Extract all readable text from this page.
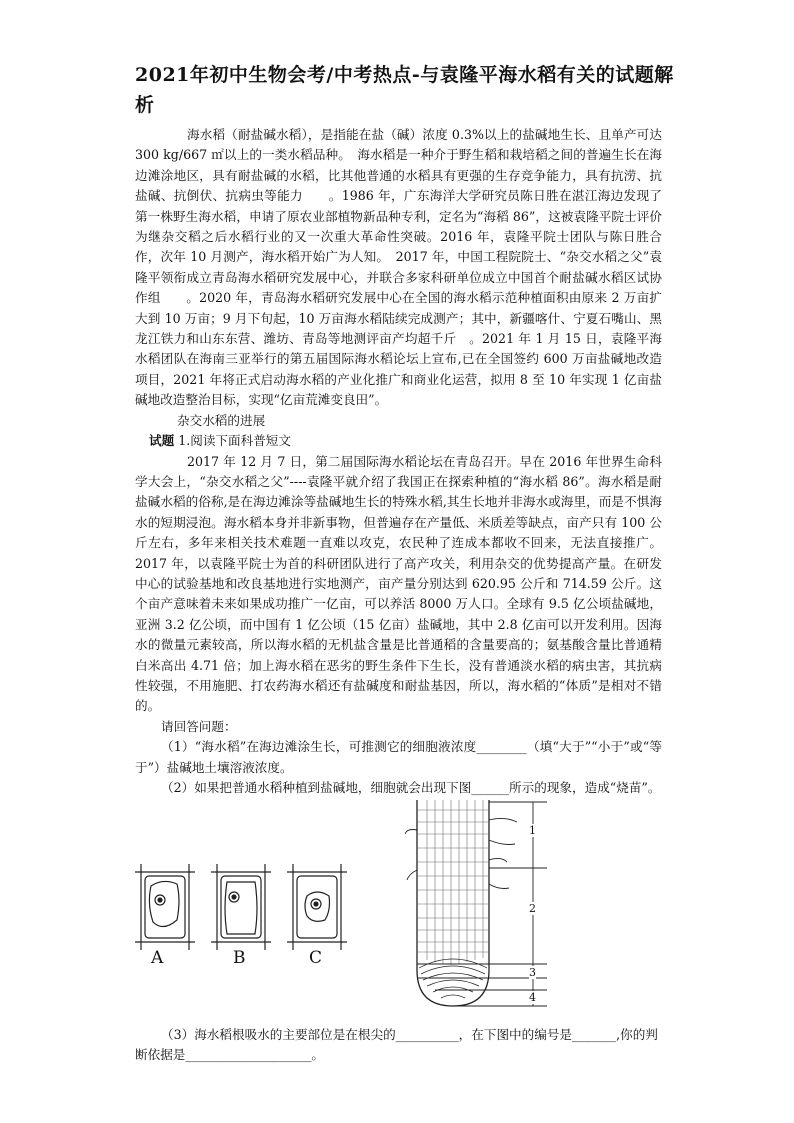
2021年初中生物会考/中考热点-与袁隆平海水稻有关的试题解析

海水稻（耐盐碱水稻），是指能在盐（碱）浓度 0.3%以上的盐碱地生长、且单产可达 300 kg/667 ㎡以上的一类水稻品种。　海水稻是一种介于野生稻和栽培稻之间的普遍生长在海边滩涂地区，具有耐盐碱的水稻，比其他普通的水稻具有更强的生存竞争能力，具有抗涝、抗盐碱、抗倒伏、抗病虫等能力　　。1986 年，广东海洋大学研究员陈日胜在湛江海边发现了第一株野生海水稻，申请了原农业部植物新品种专利，定名为“海稻 86”，这被袁隆平院士评价为继杂交稻之后水稻行业的又一次重大革命性突破。2016 年，袁隆平院士团队与陈日胜合作，次年 10 月测产，海水稻开始广为人知。　2017 年，中国工程院院士、“杂交水稻之父”袁隆平领衔成立青岛海水稻研究发展中心，并联合多家科研单位成立中国首个耐盐碱水稻区试协作组　　。2020 年，青岛海水稻研究发展中心在全国的海水稻示范种植面积由原来 2 万亩扩大到 10 万亩；9 月下旬起，10 万亩海水稻陆续完成测产；其中，新疆喀什、宁夏石嘴山、黑龙江铁力和山东东营、潍坊、青岛等地测评亩产均超千斤　。2021 年 1 月 15 日，袁隆平海水稻团队在海南三亚举行的第五届国际海水稻论坛上宣布,已在全国签约 600 万亩盐碱地改造项目，2021 年将正式启动海水稻的产业化推广和商业化运营，拟用 8 至 10 年实现 1 亿亩盐碱地改造整治目标，实现“亿亩荒滩变良田”。

杂交水稻的进展

试题 1.阅读下面科普短文

2017 年 12 月 7 日，第二届国际海水稻论坛在青岛召开。早在 2016 年世界生命科学大会上，“杂交水稻之父”----袁隆平就介绍了我国正在探索种植的“海水稻 86”。海水稻是耐盐碱水稻的俗称,是在海边滩涂等盐碱地生长的特殊水稻,其生长地并非海水或海里，而是不惧海水的短期浸泡。海水稻本身并非新事物，但普遍存在产量低、米质差等缺点，亩产只有 100 公斤左右，多年来相关技术难题一直难以攻克，农民种了连成本都收不回来，无法直接推广。2017 年，以袁隆平院士为首的科研团队进行了高产攻关，利用杂交的优势提高产量。在研发中心的试验基地和改良基地进行实地测产，亩产量分别达到 620.95 公斤和 714.59 公斤。这个亩产意味着未来如果成功推广一亿亩，可以养活 8000 万人口。全球有 9.5 亿公顷盐碱地，亚洲 3.2 亿公顷，而中国有 1 亿公顷（15 亿亩）盐碱地，其中 2.8 亿亩可以开发利用。因海水的微量元素较高，所以海水稻的无机盐含量是比普通稻的含量要高的；氨基酸含量比普通精白米高出 4.71 倍；加上海水稻在恶劣的野生条件下生长，没有普通淡水稻的病虫害，其抗病性较强，不用施肥、打农药海水稻还有盐碱度和耐盐基因，所以，海水稻的“体质”是相对不错的。

请回答问题：

（1）“海水稻”在海边滩涂生长，可推测它的细胞液浓度________（填“大于”“小于”或“等于”）盐碱地土壤溶液浓度。

（2）如果把普通水稻种植到盐碱地，细胞就会出现下图______所示的现象，造成“烧苗”。

A	B	C
1
2
3
4

（3）海水稻根吸水的主要部位是在根尖的__________，在下图中的编号是_______,你的判断依据是____________________。
